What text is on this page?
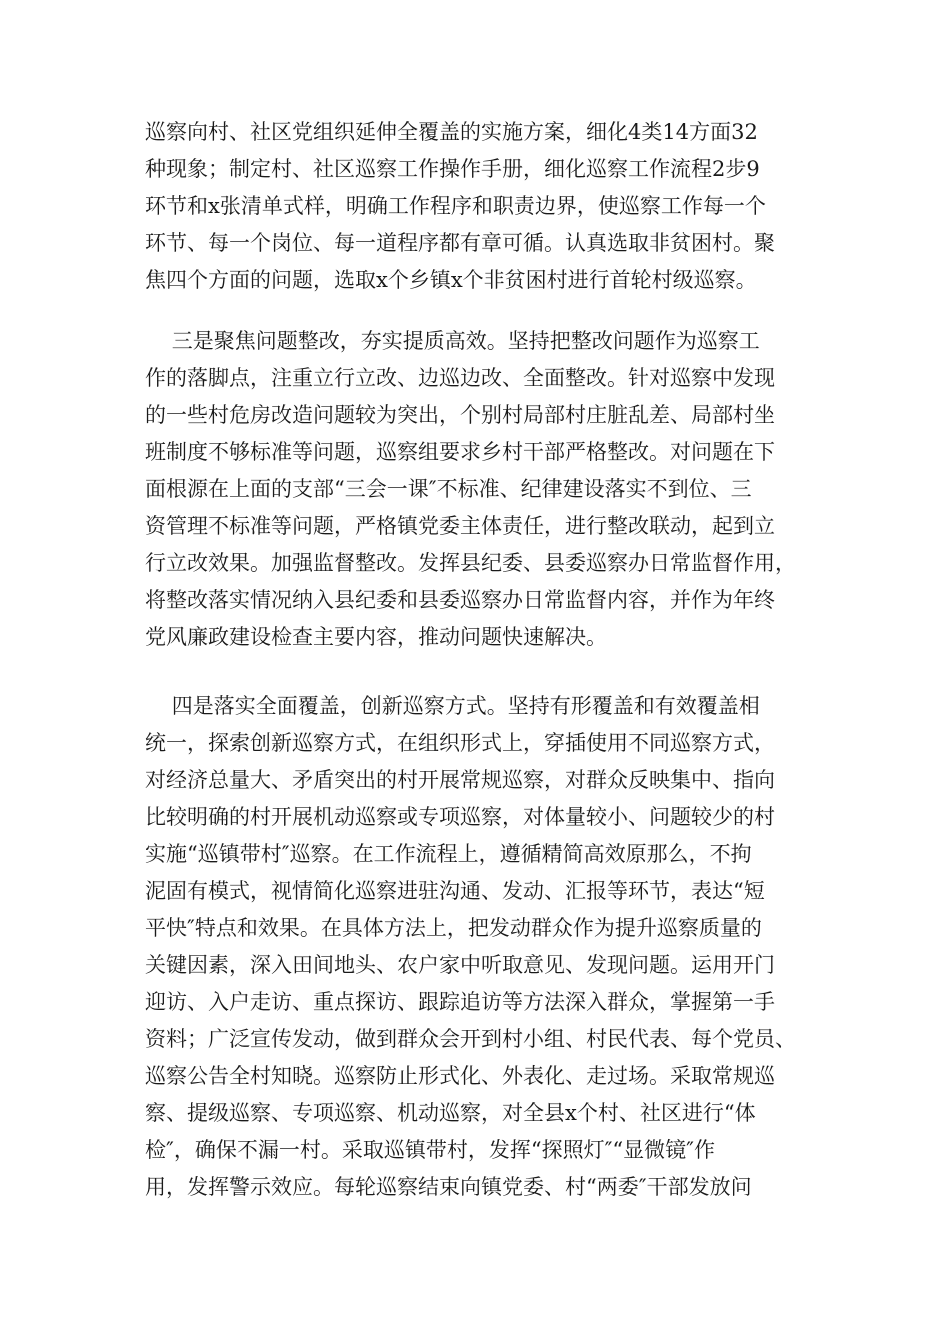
巡察向村、社区党组织延伸全覆盖的实施方案，细化4类14方面32
种现象；制定村、社区巡察工作操作手册，细化巡察工作流程2步9
环节和x张清单式样，明确工作程序和职责边界，使巡察工作每一个
环节、每一个岗位、每一道程序都有章可循。认真选取非贫困村。聚
焦四个方面的问题，选取x个乡镇x个非贫困村进行首轮村级巡察。
三是聚焦问题整改，夯实提质高效。坚持把整改问题作为巡察工
作的落脚点，注重立行立改、边巡边改、全面整改。针对巡察中发现
的一些村危房改造问题较为突出，个别村局部村庄脏乱差、局部村坐
班制度不够标准等问题，巡察组要求乡村干部严格整改。对问题在下
面根源在上面的支部“三会一课″不标准、纪律建设落实不到位、三
资管理不标准等问题，严格镇党委主体责任，进行整改联动，起到立
行立改效果。加强监督整改。发挥县纪委、县委巡察办日常监督作用，
将整改落实情况纳入县纪委和县委巡察办日常监督内容，并作为年终
党风廉政建设检查主要内容，推动问题快速解决。
四是落实全面覆盖，创新巡察方式。坚持有形覆盖和有效覆盖相
统一，探索创新巡察方式，在组织形式上，穿插使用不同巡察方式，
对经济总量大、矛盾突出的村开展常规巡察，对群众反映集中、指向
比较明确的村开展机动巡察或专项巡察，对体量较小、问题较少的村
实施“巡镇带村″巡察。在工作流程上，遵循精简高效原那么，不拘
泥固有模式，视情简化巡察进驻沟通、发动、汇报等环节，表达“短
平快″特点和效果。在具体方法上，把发动群众作为提升巡察质量的
关键因素，深入田间地头、农户家中听取意见、发现问题。运用开门
迎访、入户走访、重点探访、跟踪追访等方法深入群众，掌握第一手
资料；广泛宣传发动，做到群众会开到村小组、村民代表、每个党员、
巡察公告全村知晓。巡察防止形式化、外表化、走过场。采取常规巡
察、提级巡察、专项巡察、机动巡察，对全县x个村、社区进行“体
检″，确保不漏一村。采取巡镇带村，发挥“探照灯″“显微镜″作
用，发挥警示效应。每轮巡察结束向镇党委、村“两委″干部发放问
